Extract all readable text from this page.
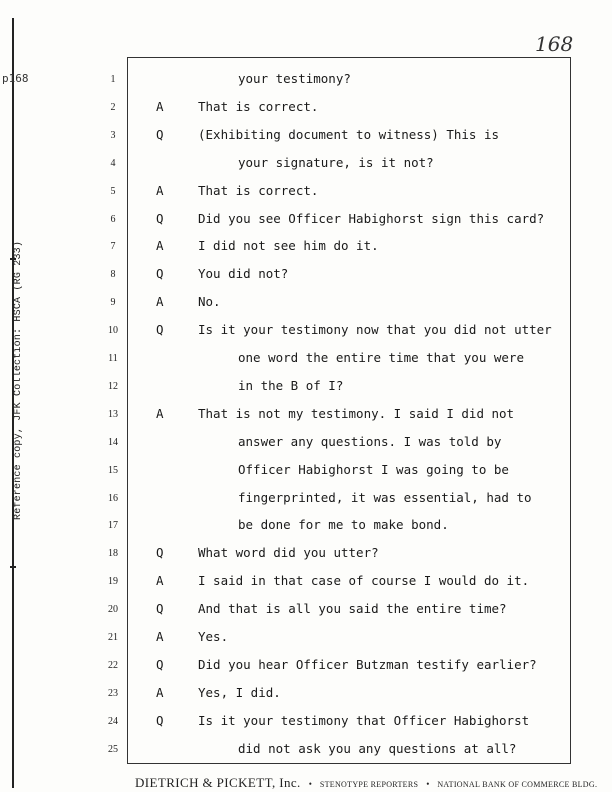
p168
Reference copy, JFK Collection: HSCA (RG 233)
168
1	your testimony?
2	A	That is correct.
3	Q	(Exhibiting document to witness) This is
4	your signature, is it not?
5	A	That is correct.
6	Q	Did you see Officer Habighorst sign this card?
7	A	I did not see him do it.
8	Q	You did not?
9	A	No.
10	Q	Is it your testimony now that you did not utter
11	one word the entire time that you were
12	in the B of I?
13	A	That is not my testimony. I said I did not
14	answer any questions. I was told by
15	Officer Habighorst I was going to be
16	fingerprinted, it was essential, had to
17	be done for me to make bond.
18	Q	What word did you utter?
19	A	I said in that case of course I would do it.
20	Q	And that is all you said the entire time?
21	A	Yes.
22	Q	Did you hear Officer Butzman testify earlier?
23	A	Yes, I did.
24	Q	Is it your testimony that Officer Habighorst
25	did not ask you any questions at all?
DIETRICH & PICKETT, Inc. • STENOTYPE REPORTERS • NATIONAL BANK OF COMMERCE BLDG.
